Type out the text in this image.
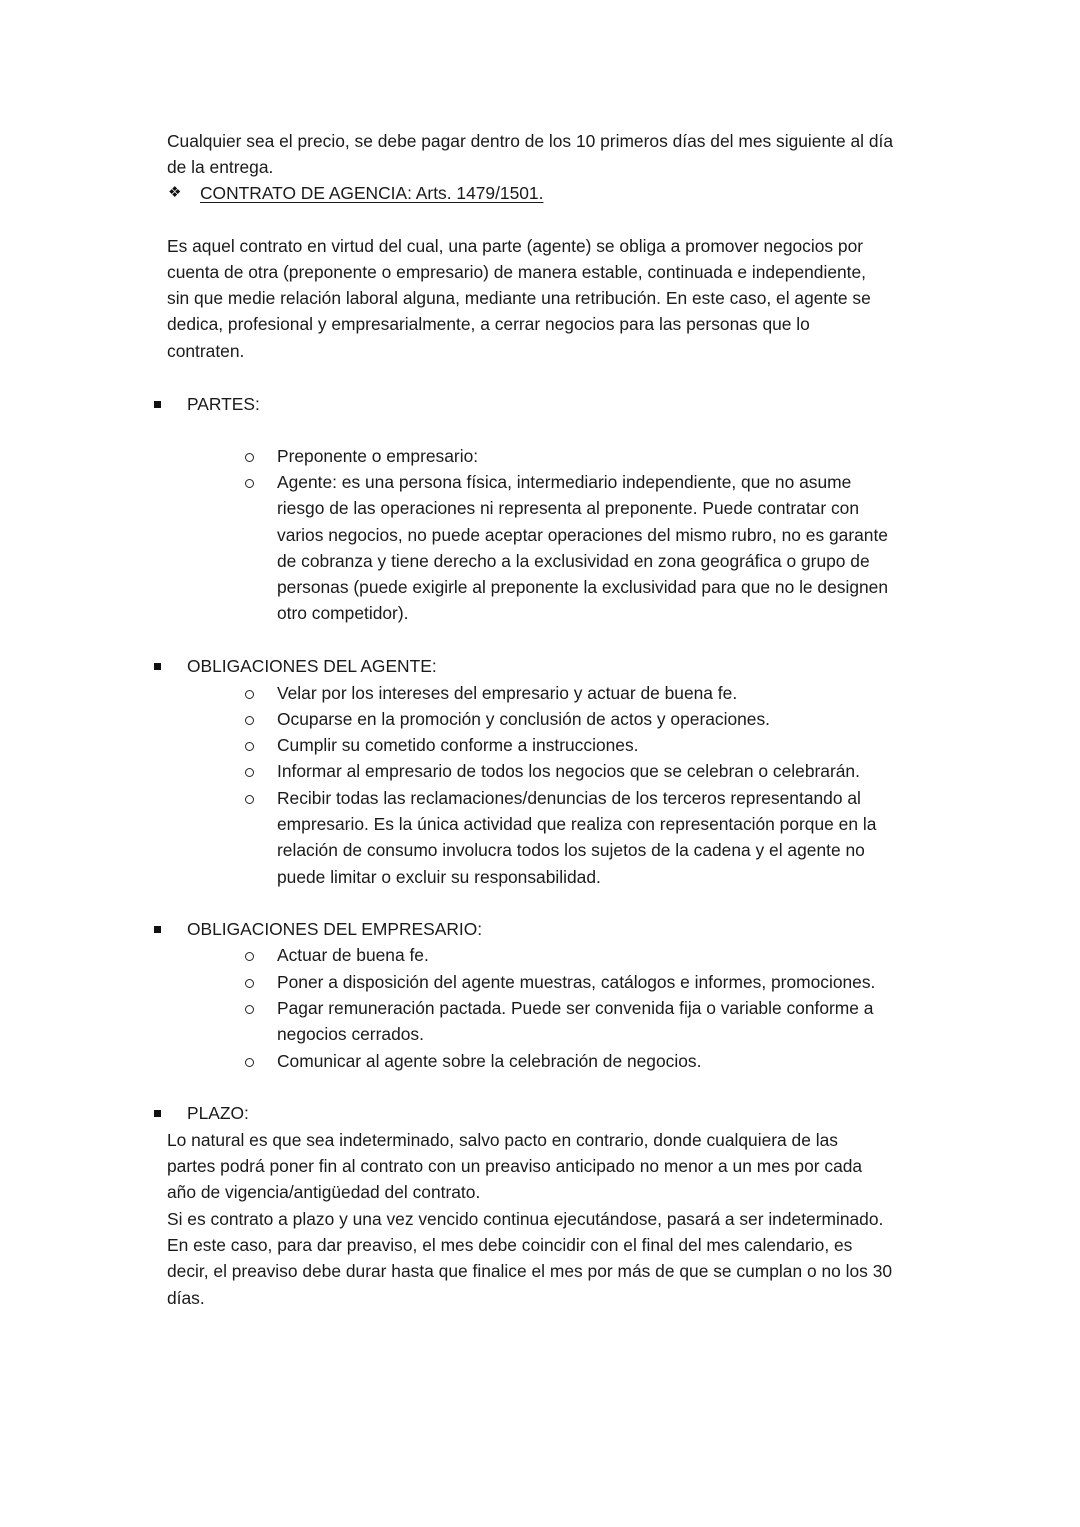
Cualquier sea el precio, se debe pagar dentro de los 10 primeros días del mes siguiente al día
de la entrega.
❖	CONTRATO DE AGENCIA: Arts. 1479/1501.
Es aquel contrato en virtud del cual, una parte (agente) se obliga a promover negocios por
cuenta de otra (preponente o empresario) de manera estable, continuada e independiente,
sin que medie relación laboral alguna, mediante una retribución. En este caso, el agente se
dedica, profesional y empresarialmente, a cerrar negocios para las personas que lo
contraten.
PARTES:
Preponente o empresario:
Agente: es una persona física, intermediario independiente, que no asume
riesgo de las operaciones ni representa al preponente. Puede contratar con
varios negocios, no puede aceptar operaciones del mismo rubro, no es garante
de cobranza y tiene derecho a la exclusividad en zona geográfica o grupo de
personas (puede exigirle al preponente la exclusividad para que no le designen
otro competidor).
OBLIGACIONES DEL AGENTE:
Velar por los intereses del empresario y actuar de buena fe.
Ocuparse en la promoción y conclusión de actos y operaciones.
Cumplir su cometido conforme a instrucciones.
Informar al empresario de todos los negocios que se celebran o celebrarán.
Recibir todas las reclamaciones/denuncias de los terceros representando al
empresario. Es la única actividad que realiza con representación porque en la
relación de consumo involucra todos los sujetos de la cadena y el agente no
puede limitar o excluir su responsabilidad.
OBLIGACIONES DEL EMPRESARIO:
Actuar de buena fe.
Poner a disposición del agente muestras, catálogos e informes, promociones.
Pagar remuneración pactada. Puede ser convenida fija o variable conforme a
negocios cerrados.
Comunicar al agente sobre la celebración de negocios.
PLAZO:
Lo natural es que sea indeterminado, salvo pacto en contrario, donde cualquiera de las
partes podrá poner fin al contrato con un preaviso anticipado no menor a un mes por cada
año de vigencia/antigüedad del contrato.
Si es contrato a plazo y una vez vencido continua ejecutándose, pasará a ser indeterminado.
En este caso, para dar preaviso, el mes debe coincidir con el final del mes calendario, es
decir, el preaviso debe durar hasta que finalice el mes por más de que se cumplan o no los 30
días.
